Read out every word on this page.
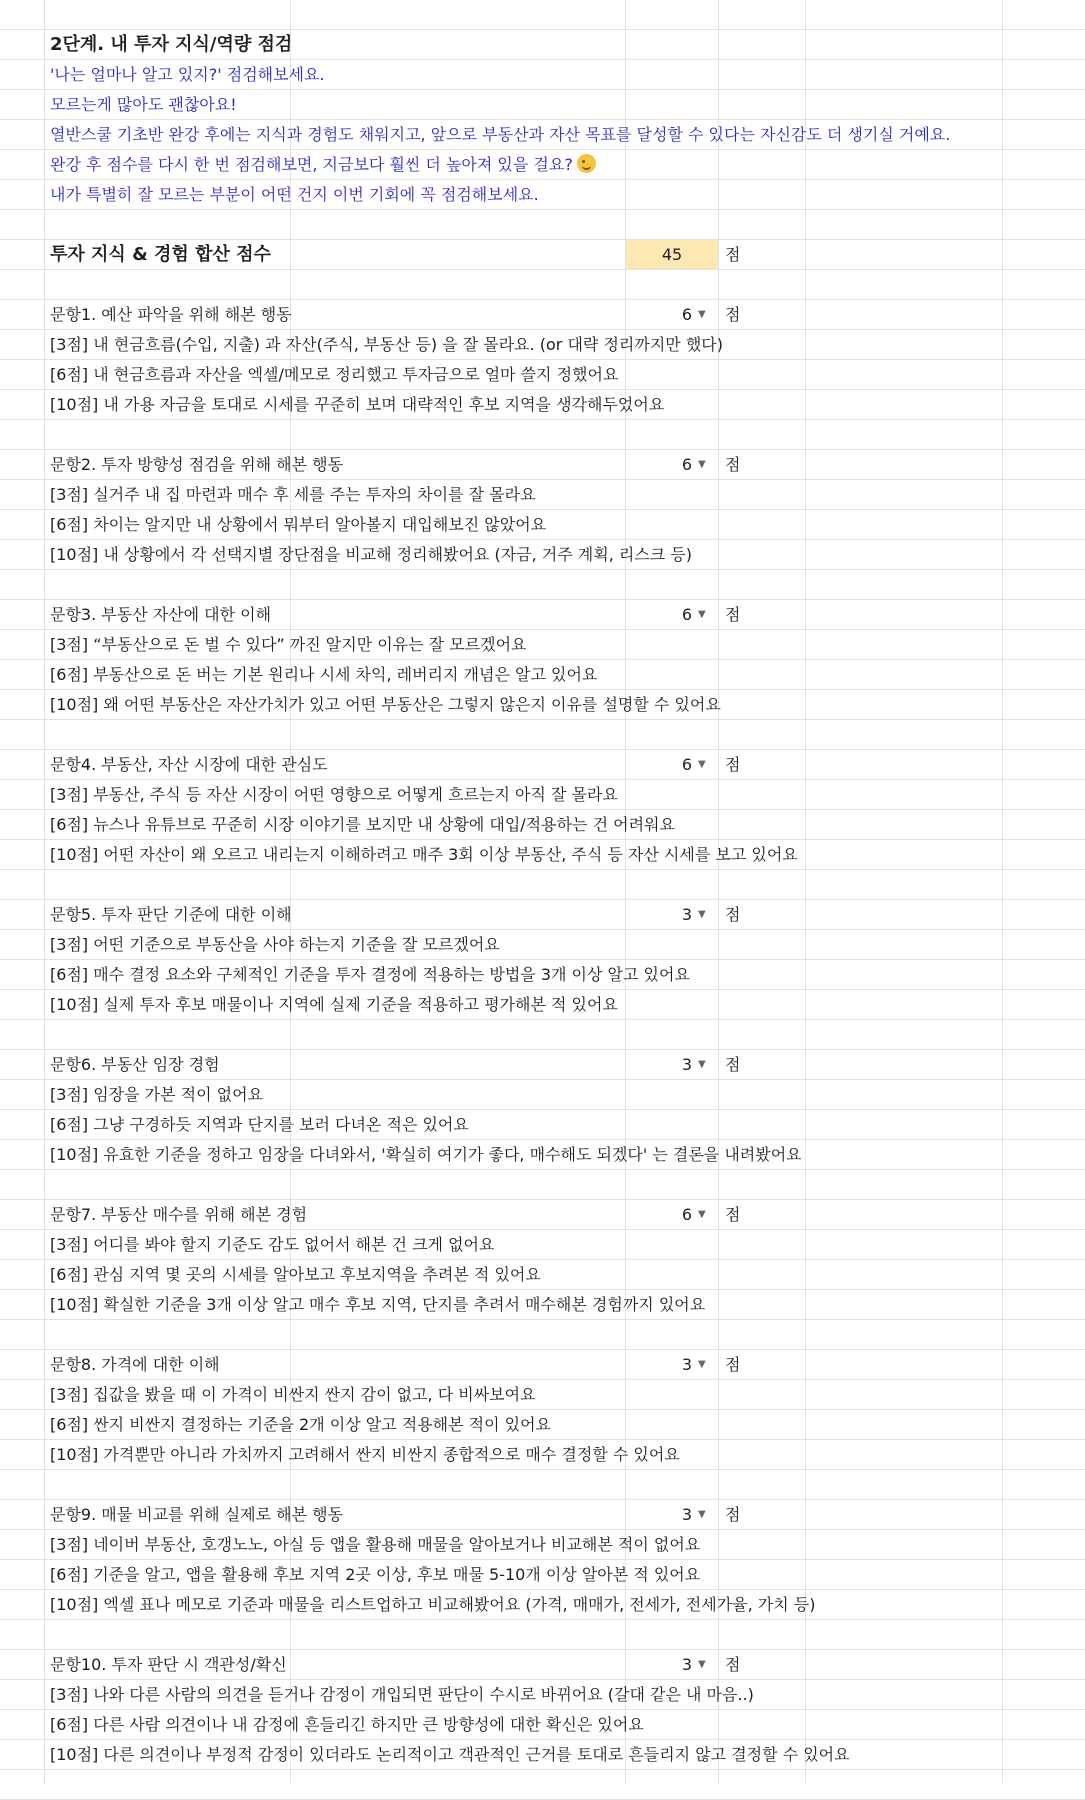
2단계. 내 투자 지식/역량 점검
'나는 얼마나 알고 있지?' 점검해보세요.
모르는게 많아도 괜찮아요!
열반스쿨 기초반 완강 후에는 지식과 경험도 채워지고, 앞으로 부동산과 자산 목표를 달성할 수 있다는 자신감도 더 생기실 거예요.
완강 후 점수를 다시 한 번 점검해보면, 지금보다 훨씬 더 높아져 있을 걸요?
내가 특별히 잘 모르는 부분이 어떤 건지 이번 기회에 꼭 점검해보세요.
투자 지식 & 경험 합산 점수	45	점
문항1. 예산 파악을 위해 해본 행동	6 ▼ 점
[3점] 내 현금흐름(수입, 지출) 과 자산(주식, 부동산 등) 을 잘 몰라요. (or 대략 정리까지만 했다)
[6점] 내 현금흐름과 자산을 엑셀/메모로 정리했고 투자금으로 얼마 쓸지 정했어요
[10점] 내 가용 자금을 토대로 시세를 꾸준히 보며 대략적인 후보 지역을 생각해두었어요
문항2. 투자 방향성 점검을 위해 해본 행동	6 ▼ 점
[3점] 실거주 내 집 마련과 매수 후 세를 주는 투자의 차이를 잘 몰라요
[6점] 차이는 알지만 내 상황에서 뭐부터 알아볼지 대입해보진 않았어요
[10점] 내 상황에서 각 선택지별 장단점을 비교해 정리해봤어요 (자금, 거주 계획, 리스크 등)
문항3. 부동산 자산에 대한 이해	6 ▼ 점
[3점] “부동산으로 돈 벌 수 있다” 까진 알지만 이유는 잘 모르겠어요
[6점] 부동산으로 돈 버는 기본 원리나 시세 차익, 레버리지 개념은 알고 있어요
[10점] 왜 어떤 부동산은 자산가치가 있고 어떤 부동산은 그렇지 않은지 이유를 설명할 수 있어요
문항4. 부동산, 자산 시장에 대한 관심도	6 ▼ 점
[3점] 부동산, 주식 등 자산 시장이 어떤 영향으로 어떻게 흐르는지 아직 잘 몰라요
[6점] 뉴스나 유튜브로 꾸준히 시장 이야기를 보지만 내 상황에 대입/적용하는 건 어려워요
[10점] 어떤 자산이 왜 오르고 내리는지 이해하려고 매주 3회 이상 부동산, 주식 등 자산 시세를 보고 있어요
문항5. 투자 판단 기준에 대한 이해	3 ▼ 점
[3점] 어떤 기준으로 부동산을 사야 하는지 기준을 잘 모르겠어요
[6점] 매수 결정 요소와 구체적인 기준을 투자 결정에 적용하는 방법을 3개 이상 알고 있어요
[10점] 실제 투자 후보 매물이나 지역에 실제 기준을 적용하고 평가해본 적 있어요
문항6. 부동산 임장 경험	3 ▼ 점
[3점] 임장을 가본 적이 없어요
[6점] 그냥 구경하듯 지역과 단지를 보러 다녀온 적은 있어요
[10점] 유효한 기준을 정하고 임장을 다녀와서, '확실히 여기가 좋다, 매수해도 되겠다' 는 결론을 내려봤어요
문항7. 부동산 매수를 위해 해본 경험	6 ▼ 점
[3점] 어디를 봐야 할지 기준도 감도 없어서 해본 건 크게 없어요
[6점] 관심 지역 몇 곳의 시세를 알아보고 후보지역을 추려본 적 있어요
[10점] 확실한 기준을 3개 이상 알고 매수 후보 지역, 단지를 추려서 매수해본 경험까지 있어요
문항8. 가격에 대한 이해	3 ▼ 점
[3점] 집값을 봤을 때 이 가격이 비싼지 싼지 감이 없고, 다 비싸보여요
[6점] 싼지 비싼지 결정하는 기준을 2개 이상 알고 적용해본 적이 있어요
[10점] 가격뿐만 아니라 가치까지 고려해서 싼지 비싼지 종합적으로 매수 결정할 수 있어요
문항9. 매물 비교를 위해 실제로 해본 행동	3 ▼ 점
[3점] 네이버 부동산, 호갱노노, 아실 등 앱을 활용해 매물을 알아보거나 비교해본 적이 없어요
[6점] 기준을 알고, 앱을 활용해 후보 지역 2곳 이상, 후보 매물 5-10개 이상 알아본 적 있어요
[10점] 엑셀 표나 메모로 기준과 매물을 리스트업하고 비교해봤어요 (가격, 매매가, 전세가, 전세가율, 가치 등)
문항10. 투자 판단 시 객관성/확신	3 ▼ 점
[3점] 나와 다른 사람의 의견을 듣거나 감정이 개입되면 판단이 수시로 바뀌어요 (갈대 같은 내 마음..)
[6점] 다른 사람 의견이나 내 감정에 흔들리긴 하지만 큰 방향성에 대한 확신은 있어요
[10점] 다른 의견이나 부정적 감정이 있더라도 논리적이고 객관적인 근거를 토대로 흔들리지 않고 결정할 수 있어요
